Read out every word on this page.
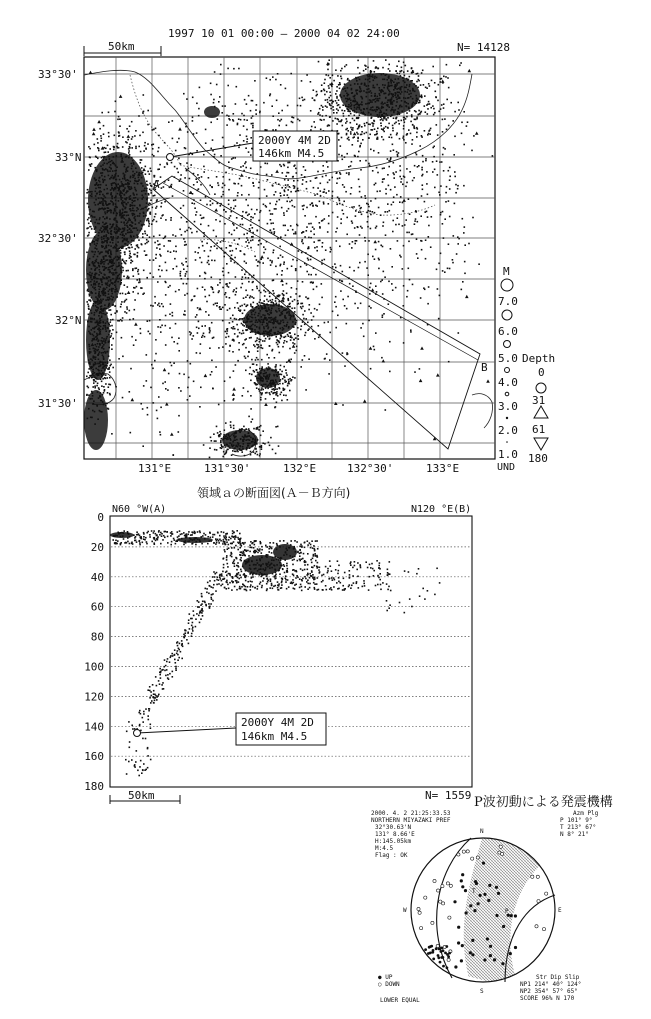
1997 10 01 00:00 — 2000 04 02 24:00
50km	N= 14128
A
B
2000Y 4M 2D
146km M4.5
33°30'
33°N
32°30'
32°N
31°30'
131°E	131°30'	132°E	132°30'	133°E
M
7.0
6.0
5.0
4.0
3.0
2.0
1.0
UND
Depth
0
31
61
180
領域ａの断面図(Ａ－Ｂ方向)
N60 °W(A)	N120 °E(B)
0
20
40
60
80
100
120
140
160
180
2000Y 4M 2D
146km M4.5
50km	N= 1559 P波初動による発震機構
2000. 4. 2 21:25:33.53
NORTHERN MIYAZAKI PREF
32°30.63'N
131° 8.66'E
H:145.05km
M:4.5
Flag : OK
Azm Plg
P 101° 9°
T 213° 67°
N 8° 21°
N
E
S
W	P
T
● UP
○ DOWN
Str Dip Slip
NP1 214° 40° 124°
NP2 354° 57° 65°
SCORE 96% N 170
LOWER EQUAL
